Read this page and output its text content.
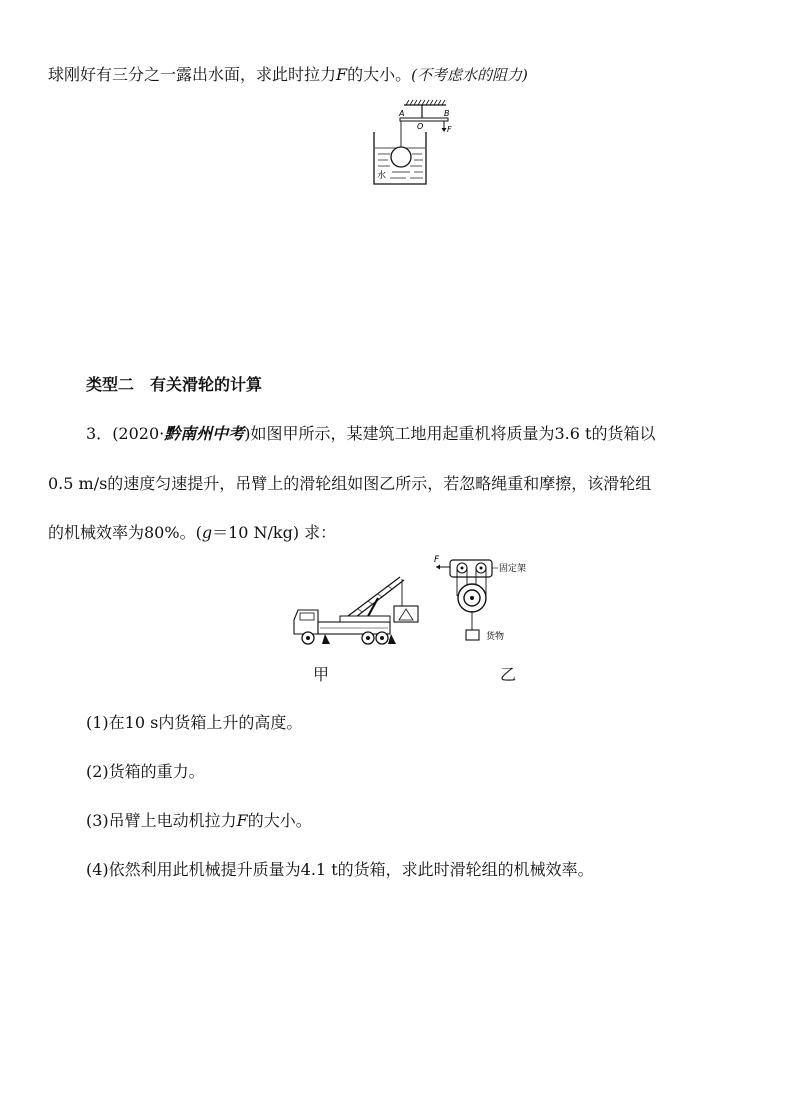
球刚好有三分之一露出水面，求此时拉力F的大小。(不考虑水的阻力)
A
O
B
F
水
类型二 有关滑轮的计算
3．(2020·黔南州中考)如图甲所示，某建筑工地用起重机将质量为3.6 t的货箱以
0.5 m/s的速度匀速提升，吊臂上的滑轮组如图乙所示，若忽略绳重和摩擦，该滑轮组
的机械效率为80%。(g＝10 N/kg) 求：
F
固定架
货物
甲	乙
(1)在10 s内货箱上升的高度。
(2)货箱的重力。
(3)吊臂上电动机拉力F的大小。
(4)依然利用此机械提升质量为4.1 t的货箱，求此时滑轮组的机械效率。
